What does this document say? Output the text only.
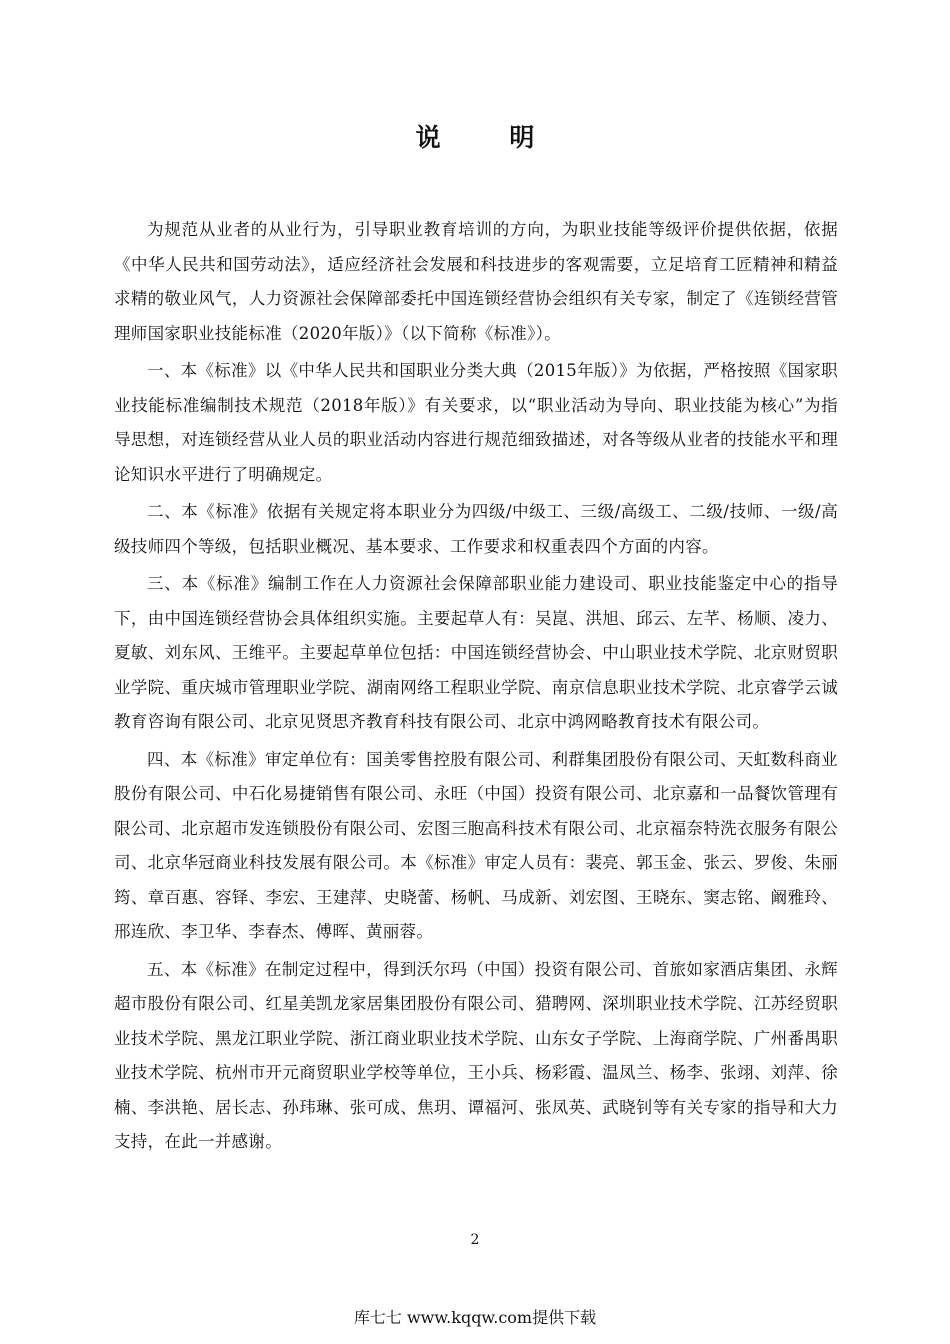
说 明

为规范从业者的从业行为，引导职业教育培训的方向，为职业技能等级评价提供依据，依据《中华人民共和国劳动法》，适应经济社会发展和科技进步的客观需要，立足培育工匠精神和精益求精的敬业风气，人力资源社会保障部委托中国连锁经营协会组织有关专家，制定了《连锁经营管理师国家职业技能标准（2020年版）》（以下简称《标准》）。

一、本《标准》以《中华人民共和国职业分类大典（2015年版）》为依据，严格按照《国家职业技能标准编制技术规范（2018年版）》有关要求，以“职业活动为导向、职业技能为核心”为指导思想，对连锁经营从业人员的职业活动内容进行规范细致描述，对各等级从业者的技能水平和理论知识水平进行了明确规定。

二、本《标准》依据有关规定将本职业分为四级/中级工、三级/高级工、二级/技师、一级/高级技师四个等级，包括职业概况、基本要求、工作要求和权重表四个方面的内容。

三、本《标准》编制工作在人力资源社会保障部职业能力建设司、职业技能鉴定中心的指导下，由中国连锁经营协会具体组织实施。主要起草人有：吴崑、洪旭、邱云、左芊、杨顺、凌力、夏敏、刘东风、王维平。主要起草单位包括：中国连锁经营协会、中山职业技术学院、北京财贸职业学院、重庆城市管理职业学院、湖南网络工程职业学院、南京信息职业技术学院、北京睿学云诚教育咨询有限公司、北京见贤思齐教育科技有限公司、北京中鸿网略教育技术有限公司。

四、本《标准》审定单位有：国美零售控股有限公司、利群集团股份有限公司、天虹数科商业股份有限公司、中石化易捷销售有限公司、永旺（中国）投资有限公司、北京嘉和一品餐饮管理有限公司、北京超市发连锁股份有限公司、宏图三胞高科技术有限公司、北京福奈特洗衣服务有限公司、北京华冠商业科技发展有限公司。本《标准》审定人员有：裴亮、郭玉金、张云、罗俊、朱丽筠、章百惠、容铎、李宏、王建萍、史晓蕾、杨帆、马成新、刘宏图、王晓东、窦志铭、阚雅玲、邢连欣、李卫华、李春杰、傅晖、黄丽蓉。

五、本《标准》在制定过程中，得到沃尔玛（中国）投资有限公司、首旅如家酒店集团、永辉超市股份有限公司、红星美凯龙家居集团股份有限公司、猎聘网、深圳职业技术学院、江苏经贸职业技术学院、黑龙江职业学院、浙江商业职业技术学院、山东女子学院、上海商学院、广州番禺职业技术学院、杭州市开元商贸职业学校等单位，王小兵、杨彩霞、温凤兰、杨李、张翊、刘萍、徐楠、李洪艳、居长志、孙玮琳、张可成、焦玥、谭福河、张凤英、武晓钊等有关专家的指导和大力支持，在此一并感谢。

2
库七七 www.kqqw.com提供下载
